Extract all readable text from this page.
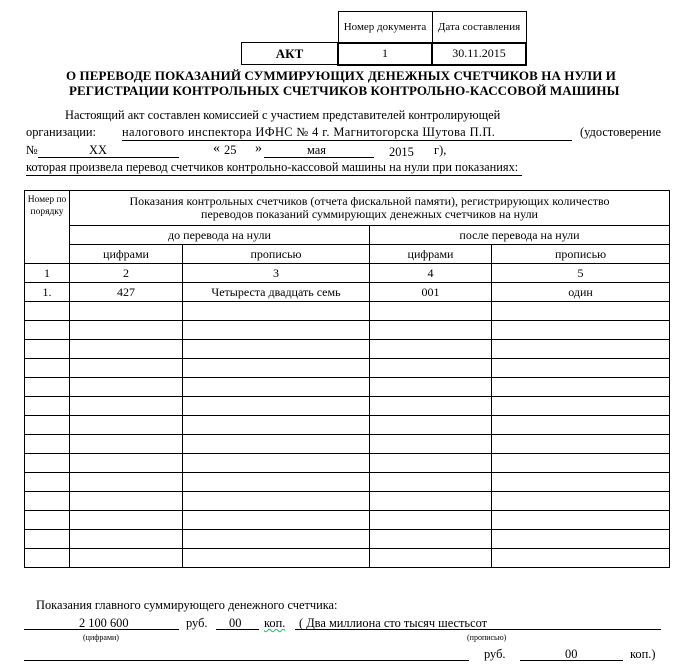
	Номер документа	Дата составления
АКТ	1	30.11.2015
О ПЕРЕВОДЕ ПОКАЗАНИЙ СУММИРУЮЩИХ ДЕНЕЖНЫХ СЧЕТЧИКОВ НА НУЛИ И
РЕГИСТРАЦИИ КОНТРОЛЬНЫХ СЧЕТЧИКОВ КОНТРОЛЬНО-КАССОВОЙ МАШИНЫ
Настоящий акт составлен комиссией с участием представителей контролирующей
организации: налогового инспектора ИФНС № 4 г. Магнитогорска Шутова П.П.	(удостоверение
№	XX	« 25 »	мая	2015 г),
которая произвела перевод счетчиков контрольно-кассовой машины на нули при показаниях:
Номер по порядку	Показания контрольных счетчиков (отчета фискальной памяти), регистрирующих количество переводов показаний суммирующих денежных счетчиков на нули			
	до перевода на нули		после перевода на нули	
	цифрами	прописью	цифрами	прописью
1	2	3	4	5
1.	427	Четыреста двадцать семь	001	один

Показания главного суммирующего денежного счетчика:
2 100 600	руб. 00 коп. ( Два миллиона сто тысяч шестьсот
(цифрами)	(прописью)
руб.	00	коп.)
